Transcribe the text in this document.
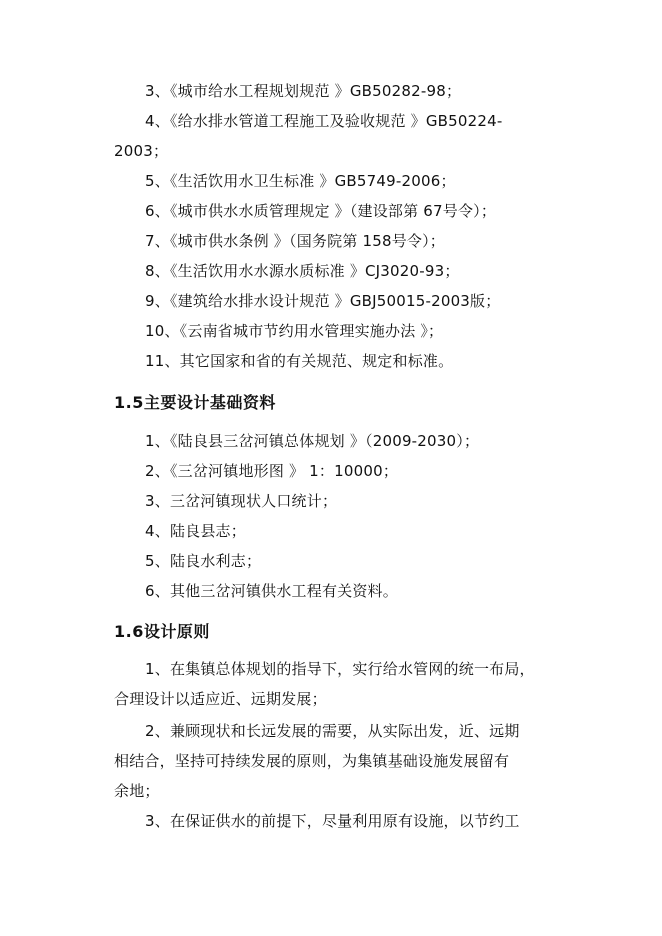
3、《城市给水工程规划规范 》GB50282-98；
4、《给水排水管道工程施工及验收规范 》GB50224-
2003；
5、《生活饮用水卫生标准 》GB5749-2006；
6、《城市供水水质管理规定 》（建设部第 67号令）；
7、《城市供水条例 》（国务院第 158号令）；
8、《生活饮用水水源水质标准 》CJ3020-93；
9、《建筑给水排水设计规范 》GBJ50015-2003版；
10、《云南省城市节约用水管理实施办法 》；
11、其它国家和省的有关规范、规定和标准。
1.5主要设计基础资料
1、《陆良县三岔河镇总体规划 》（2009-2030）；
2、《三岔河镇地形图 》 1：10000；
3、三岔河镇现状人口统计；
4、陆良县志；
5、陆良水利志；
6、其他三岔河镇供水工程有关资料。
1.6设计原则
1、在集镇总体规划的指导下，实行给水管网的统一布局，
合理设计以适应近、远期发展；
2、兼顾现状和长远发展的需要，从实际出发，近、远期
相结合，坚持可持续发展的原则，为集镇基础设施发展留有
余地；
3、在保证供水的前提下，尽量利用原有设施，以节约工
